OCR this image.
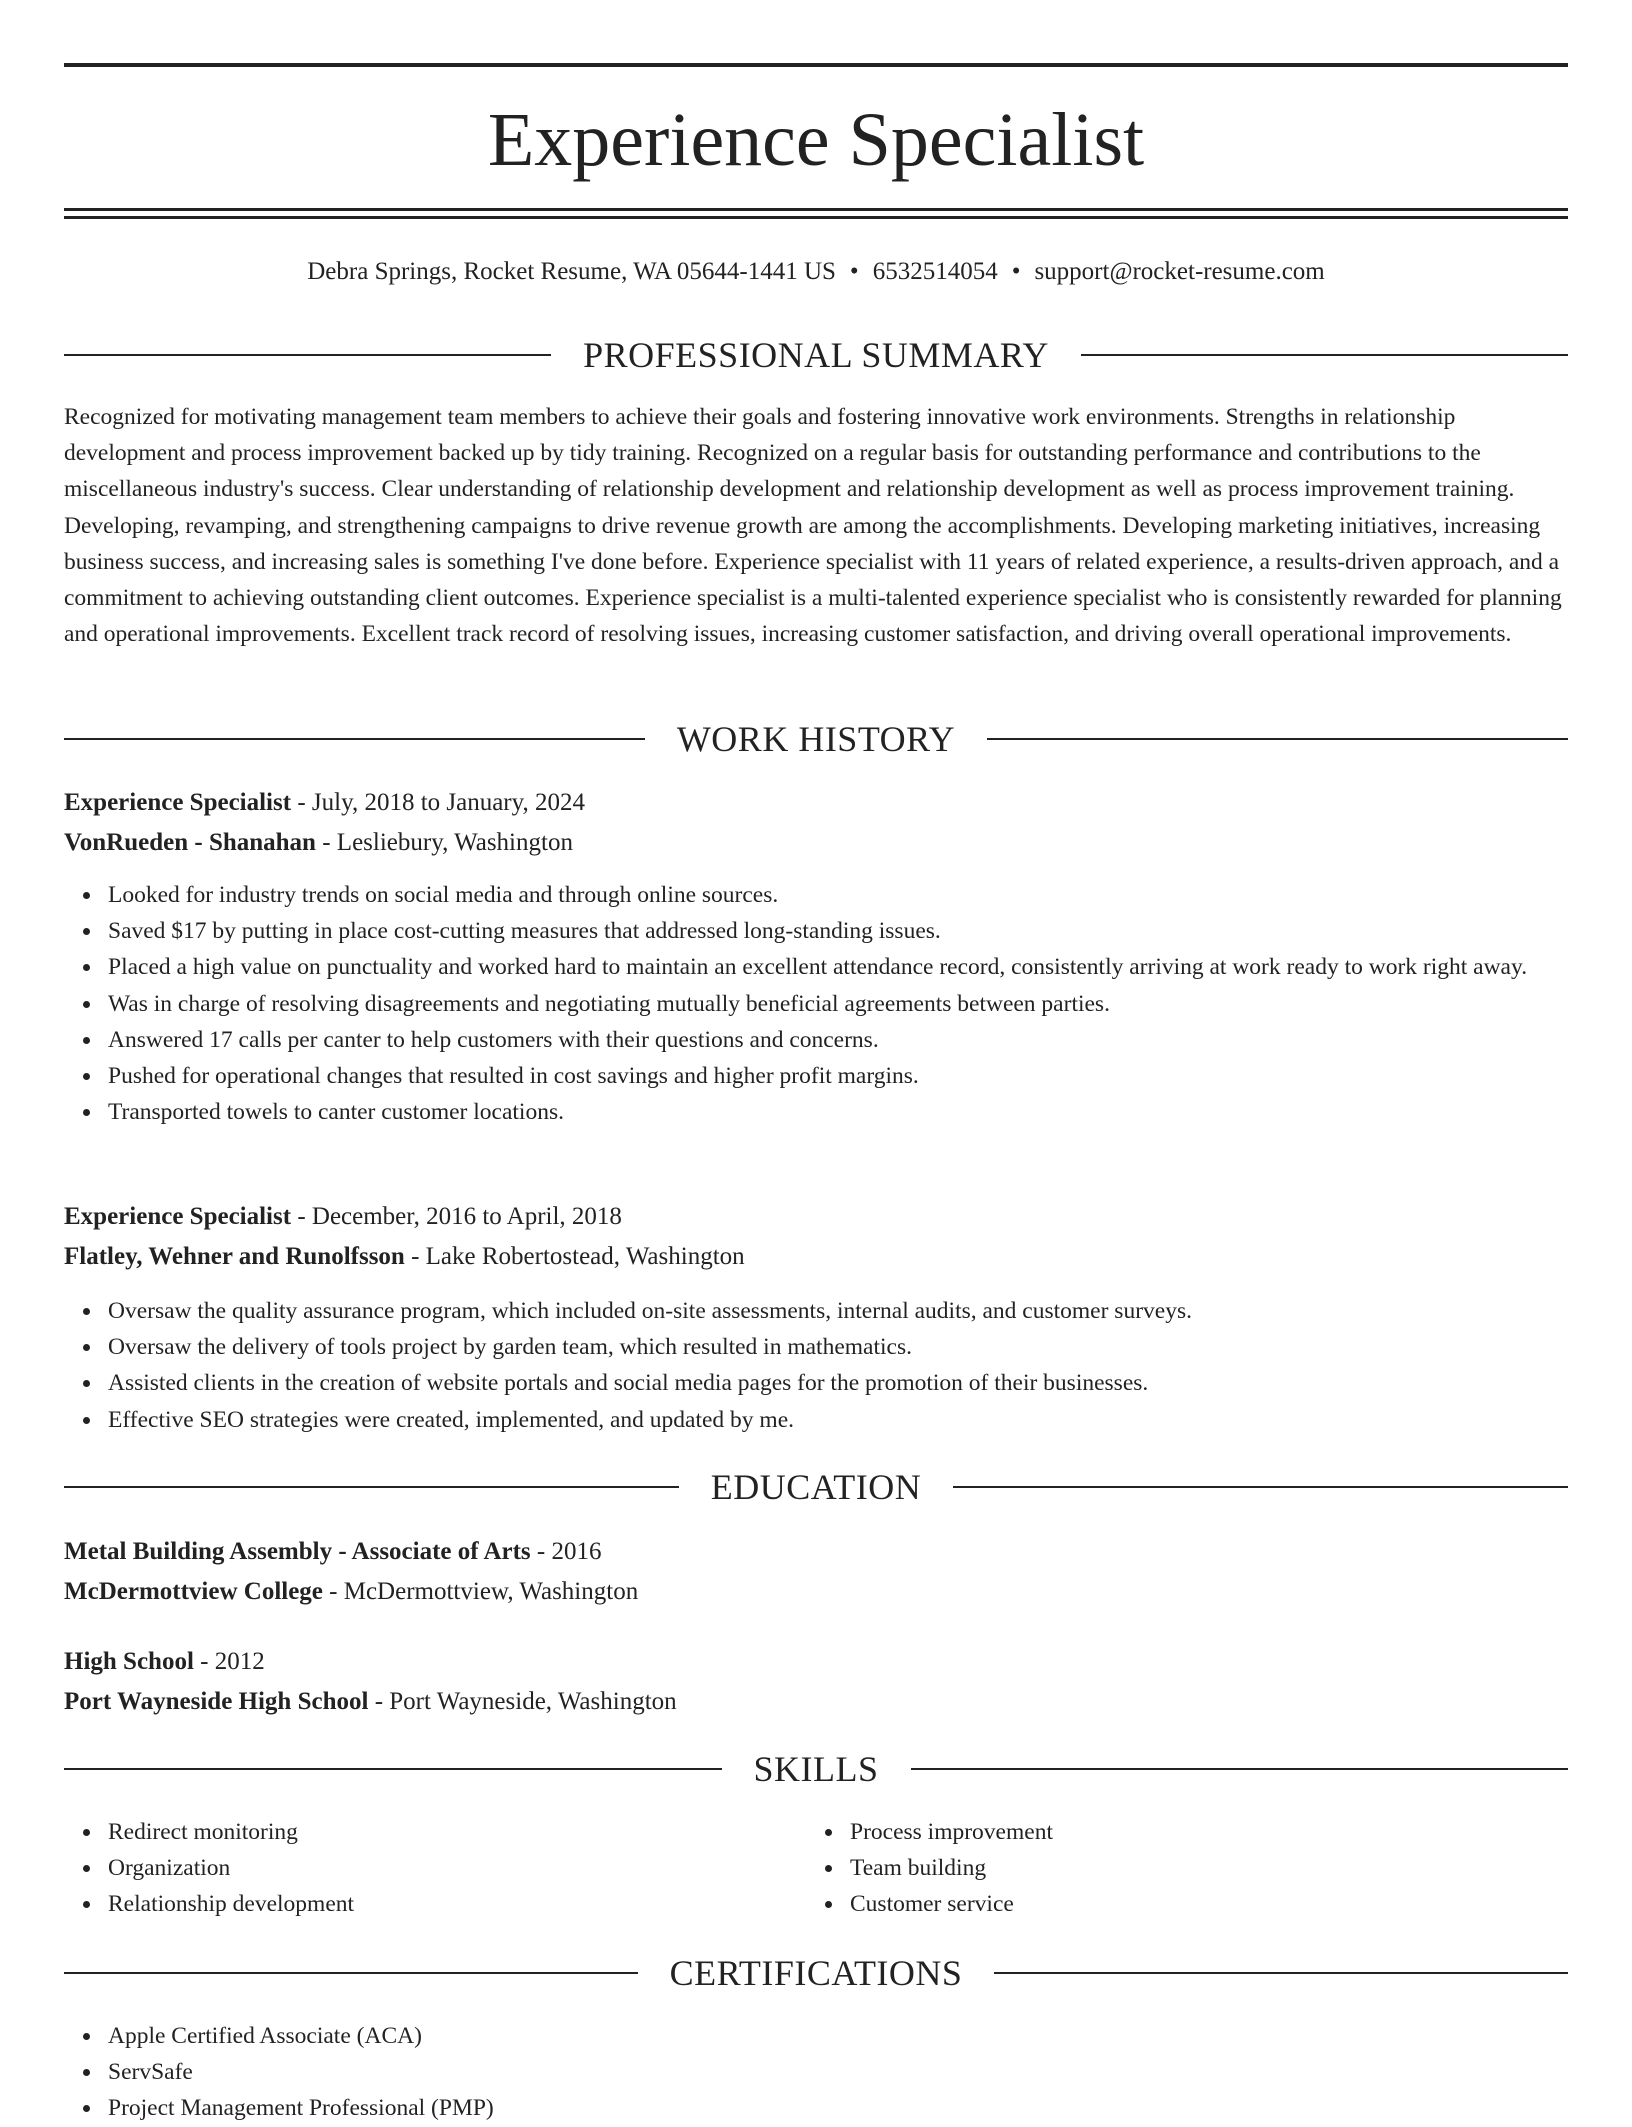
Experience Specialist
Debra Springs, Rocket Resume, WA 05644-1441 US • 6532514054 • support@rocket-resume.com
PROFESSIONAL SUMMARY

Recognized for motivating management team members to achieve their goals and fostering innovative work environments. Strengths in relationship development and process improvement backed up by tidy training. Recognized on a regular basis for outstanding performance and contributions to the miscellaneous industry's success. Clear understanding of relationship development and relationship development as well as process improvement training. Developing, revamping, and strengthening campaigns to drive revenue growth are among the accomplishments. Developing marketing initiatives, increasing business success, and increasing sales is something I've done before. Experience specialist with 11 years of related experience, a results-driven approach, and a commitment to achieving outstanding client outcomes. Experience specialist is a multi-talented experience specialist who is consistently rewarded for planning and operational improvements. Excellent track record of resolving issues, increasing customer satisfaction, and driving overall operational improvements.

WORK HISTORY
Experience Specialist - July, 2018 to January, 2024
VonRueden - Shanahan - Lesliebury, Washington
Looked for industry trends on social media and through online sources.
Saved $17 by putting in place cost-cutting measures that addressed long-standing issues.
Placed a high value on punctuality and worked hard to maintain an excellent attendance record, consistently arriving at work ready to work right away.
Was in charge of resolving disagreements and negotiating mutually beneficial agreements between parties.
Answered 17 calls per canter to help customers with their questions and concerns.
Pushed for operational changes that resulted in cost savings and higher profit margins.
Transported towels to canter customer locations.
Experience Specialist - December, 2016 to April, 2018
Flatley, Wehner and Runolfsson - Lake Robertostead, Washington
Oversaw the quality assurance program, which included on-site assessments, internal audits, and customer surveys.
Oversaw the delivery of tools project by garden team, which resulted in mathematics.
Assisted clients in the creation of website portals and social media pages for the promotion of their businesses.
Effective SEO strategies were created, implemented, and updated by me.
EDUCATION
Metal Building Assembly - Associate of Arts - 2016
McDermottview College - McDermottview, Washington
High School - 2012
Port Wayneside High School - Port Wayneside, Washington
SKILLS
Redirect monitoring
Organization
Relationship development
Process improvement
Team building
Customer service
CERTIFICATIONS
Apple Certified Associate (ACA)
ServSafe
Project Management Professional (PMP)
